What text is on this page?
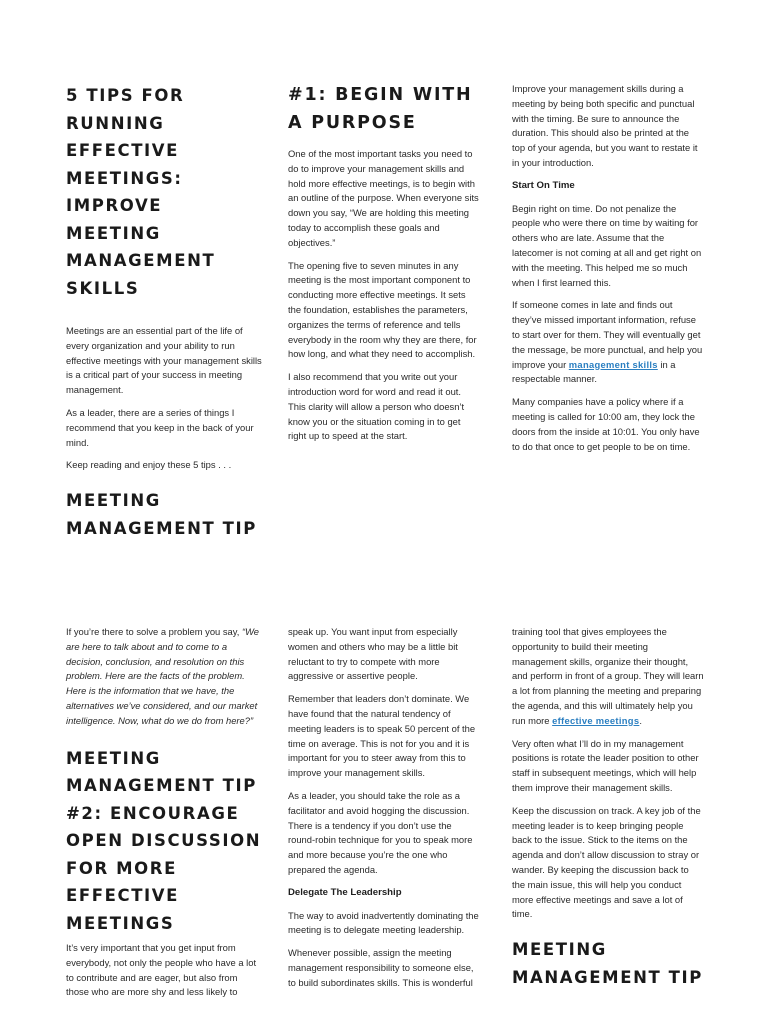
5 TIPS FOR RUNNING EFFECTIVE MEETINGS: IMPROVE MEETING MANAGEMENT SKILLS

Meetings are an essential part of the life of every organization and your ability to run effective meetings with your management skills is a critical part of your success in meeting management.

As a leader, there are a series of things I recommend that you keep in the back of your mind.

Keep reading and enjoy these 5 tips . . .

MEETING MANAGEMENT TIP
#1: BEGIN WITH A PURPOSE

One of the most important tasks you need to do to improve your management skills and hold more effective meetings, is to begin with an outline of the purpose. When everyone sits down you say, “We are holding this meeting today to accomplish these goals and objectives.”

The opening five to seven minutes in any meeting is the most important component to conducting more effective meetings. It sets the foundation, establishes the parameters, organizes the terms of reference and tells everybody in the room why they are there, for how long, and what they need to accomplish.

I also recommend that you write out your introduction word for word and read it out. This clarity will allow a person who doesn’t know you or the situation coming in to get right up to speed at the start.

Improve your management skills during a meeting by being both specific and punctual with the timing. Be sure to announce the duration. This should also be printed at the top of your agenda, but you want to restate it in your introduction.

Start On Time

Begin right on time. Do not penalize the people who were there on time by waiting for others who are late. Assume that the latecomer is not coming at all and get right on with the meeting. This helped me so much when I first learned this.

If someone comes in late and finds out they’ve missed important information, refuse to start over for them. They will eventually get the message, be more punctual, and help you improve your management skills in a respectable manner.

Many companies have a policy where if a meeting is called for 10:00 am, they lock the doors from the inside at 10:01. You only have to do that once to get people to be on time.

If you’re there to solve a problem you say, “We are here to talk about and to come to a decision, conclusion, and resolution on this problem. Here are the facts of the problem. Here is the information that we have, the alternatives we’ve considered, and our market intelligence. Now, what do we do from here?”

MEETING MANAGEMENT TIP #2: ENCOURAGE OPEN DISCUSSION FOR MORE EFFECTIVE MEETINGS

It’s very important that you get input from everybody, not only the people who have a lot to contribute and are eager, but also from those who are more shy and less likely to

speak up. You want input from especially women and others who may be a little bit reluctant to try to compete with more aggressive or assertive people.

Remember that leaders don’t dominate. We have found that the natural tendency of meeting leaders is to speak 50 percent of the time on average. This is not for you and it is important for you to steer away from this to improve your management skills.

As a leader, you should take the role as a facilitator and avoid hogging the discussion. There is a tendency if you don’t use the round-robin technique for you to speak more and more because you’re the one who prepared the agenda.

Delegate The Leadership

The way to avoid inadvertently dominating the meeting is to delegate meeting leadership.

Whenever possible, assign the meeting management responsibility to someone else, to build subordinates skills. This is wonderful

training tool that gives employees the opportunity to build their meeting management skills, organize their thought, and perform in front of a group. They will learn a lot from planning the meeting and preparing the agenda, and this will ultimately help you run more effective meetings.

Very often what I’ll do in my management positions is rotate the leader position to other staff in subsequent meetings, which will help them improve their management skills.

Keep the discussion on track. A key job of the meeting leader is to keep bringing people back to the issue. Stick to the items on the agenda and don’t allow discussion to stray or wander. By keeping the discussion back to the main issue, this will help you conduct more effective meetings and save a lot of time.

MEETING MANAGEMENT TIP
